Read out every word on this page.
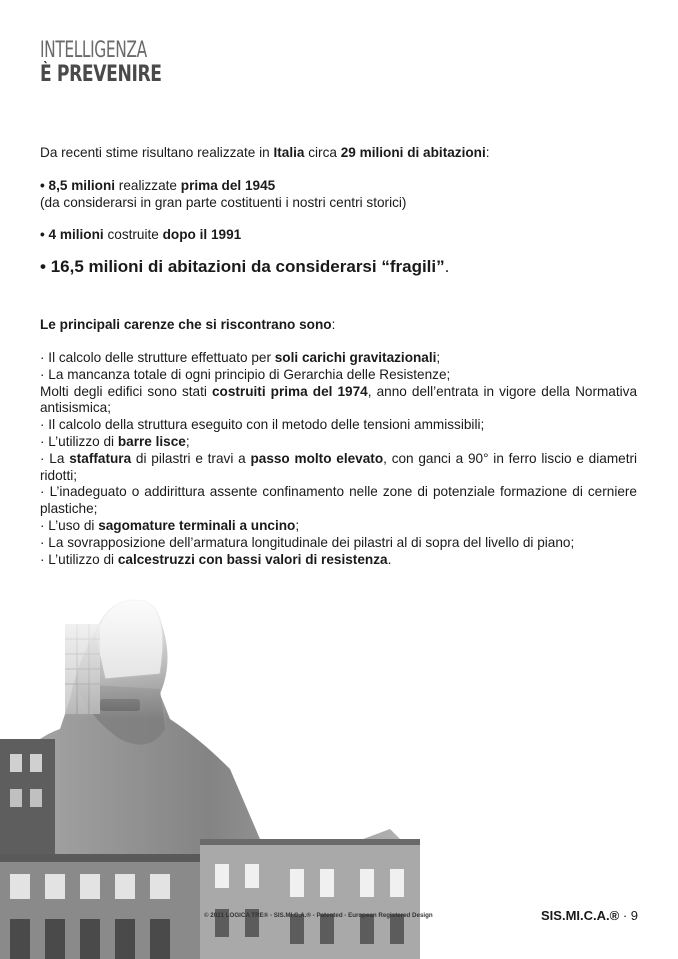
INTELLIGENZA
È PREVENIRE

Da recenti stime risultano realizzate in Italia circa 29 milioni di abitazioni:

• 8,5 milioni realizzate prima del 1945

(da considerarsi in gran parte costituenti i nostri centri storici)

• 4 milioni costruite dopo il 1991

• 16,5 milioni di abitazioni da considerarsi “fragili”.

Le principali carenze che si riscontrano sono:

· Il calcolo delle strutture effettuato per soli carichi gravitazionali;

· La mancanza totale di ogni principio di Gerarchia delle Resistenze;

Molti degli edifici sono stati costruiti prima del 1974, anno dell’entrata in vigore della Normativa antisismica;

· Il calcolo della struttura eseguito con il metodo delle tensioni ammissibili;

· L’utilizzo di barre lisce;

· La staffatura di pilastri e travi a passo molto elevato, con ganci a 90° in ferro liscio e diametri ridotti;

· L’inadeguato o addirittura assente confinamento nelle zone di potenziale formazione di cerniere plastiche;

· L’uso di sagomature terminali a uncino;

· La sovrapposizione dell’armatura longitudinale dei pilastri al di sopra del livello di piano;

· L’utilizzo di calcestruzzi con bassi valori di resistenza.

© 2021 LOGICA TRE® - SIS.MI.C.A.® - Patented - European Registered Design	SIS.MI.C.A.® · 9
